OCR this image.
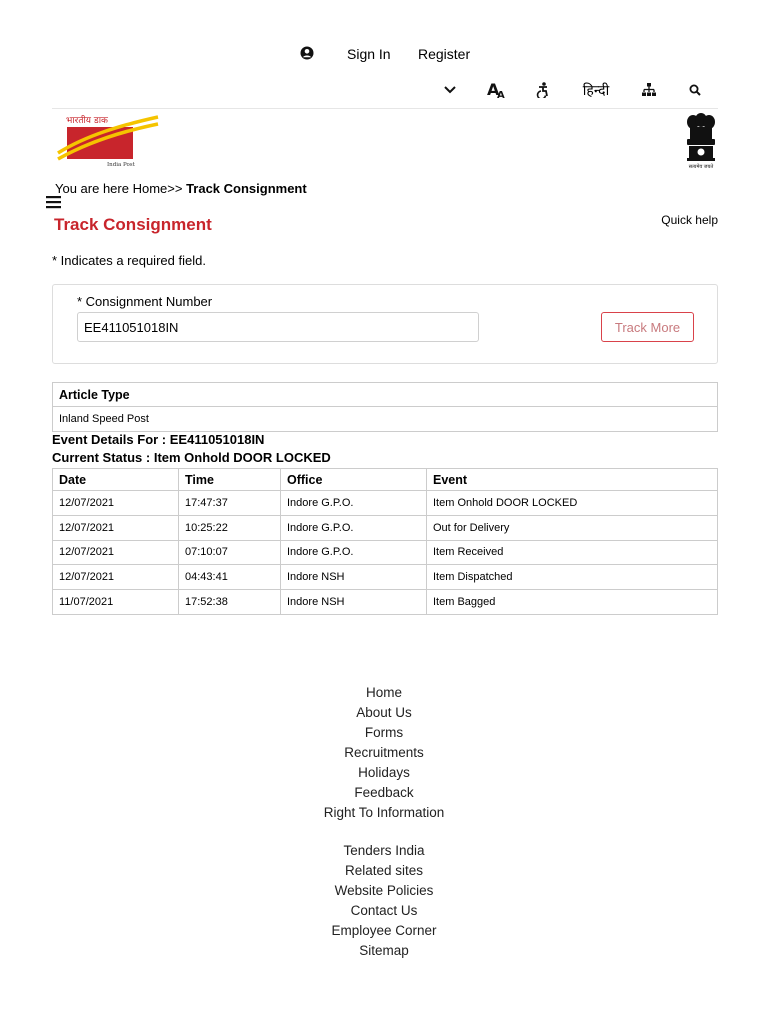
Sign In Register
A
A	हिन्दी
भारतीय डाक
India Post	सत्यमेव जयते
You are here Home>> Track Consignment
Track Consignment	Quick help
* Indicates a required field.
* Consignment Number
EE411051018IN
Track More
Article Type
Inland Speed Post
Event Details For : EE411051018IN
Current Status : Item Onhold DOOR LOCKED
Date	Time	Office	Event
12/07/2021	17:47:37	Indore G.P.O.	Item Onhold DOOR LOCKED
12/07/2021	10:25:22	Indore G.P.O.	Out for Delivery
12/07/2021	07:10:07	Indore G.P.O.	Item Received
12/07/2021	04:43:41	Indore NSH	Item Dispatched
11/07/2021	17:52:38	Indore NSH	Item Bagged
Home
About Us
Forms
Recruitments
Holidays
Feedback
Right To Information
Tenders India
Related sites
Website Policies
Contact Us
Employee Corner
Sitemap
